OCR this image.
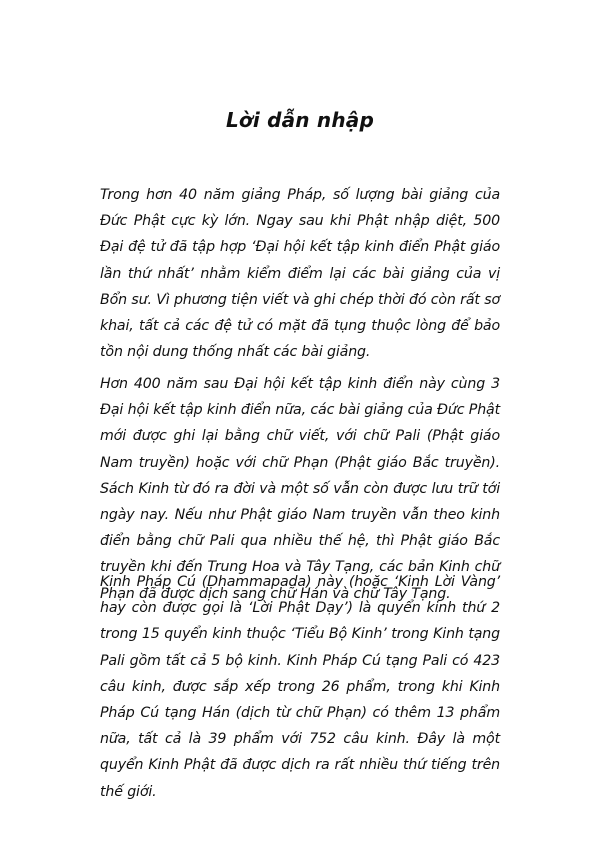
Lời dẫn nhập

Trong hơn 40 năm giảng Pháp, số lượng bài giảng của Đức Phật cực kỳ lớn. Ngay sau khi Phật nhập diệt, 500 Đại đệ tử đã tập hợp ‘Đại hội kết tập kinh điển Phật giáo lần thứ nhất’ nhằm kiểm điểm lại các bài giảng của vị Bổn sư. Vì phương tiện viết và ghi chép thời đó còn rất sơ khai, tất cả các đệ tử có mặt đã tụng thuộc lòng để bảo tồn nội dung thống nhất các bài giảng.

Hơn 400 năm sau Đại hội kết tập kinh điển này cùng 3 Đại hội kết tập kinh điển nữa, các bài giảng của Đức Phật mới được ghi lại bằng chữ viết, với chữ Pali (Phật giáo Nam truyền) hoặc với chữ Phạn (Phật giáo Bắc truyền). Sách Kinh từ đó ra đời và một số vẫn còn được lưu trữ tới ngày nay. Nếu như Phật giáo Nam truyền vẫn theo kinh điển bằng chữ Pali qua nhiều thế hệ, thì Phật giáo Bắc truyền khi đến Trung Hoa và Tây Tạng, các bản Kinh chữ Phạn đã được dịch sang chữ Hán và chữ Tây Tạng.

Kinh Pháp Cú (Dhammapada) này (hoặc ‘Kinh Lời Vàng’ hay còn được gọi là ‘Lời Phật Dạy’) là quyển kinh thứ 2 trong 15 quyển kinh thuộc ‘Tiểu Bộ Kinh’ trong Kinh tạng Pali gồm tất cả 5 bộ kinh. Kinh Pháp Cú tạng Pali có 423 câu kinh, được sắp xếp trong 26 phẩm, trong khi Kinh Pháp Cú tạng Hán (dịch từ chữ Phạn) có thêm 13 phẩm nữa, tất cả là 39 phẩm với 752 câu kinh. Đây là một quyển Kinh Phật đã được dịch ra rất nhiều thứ tiếng trên thế giới.
